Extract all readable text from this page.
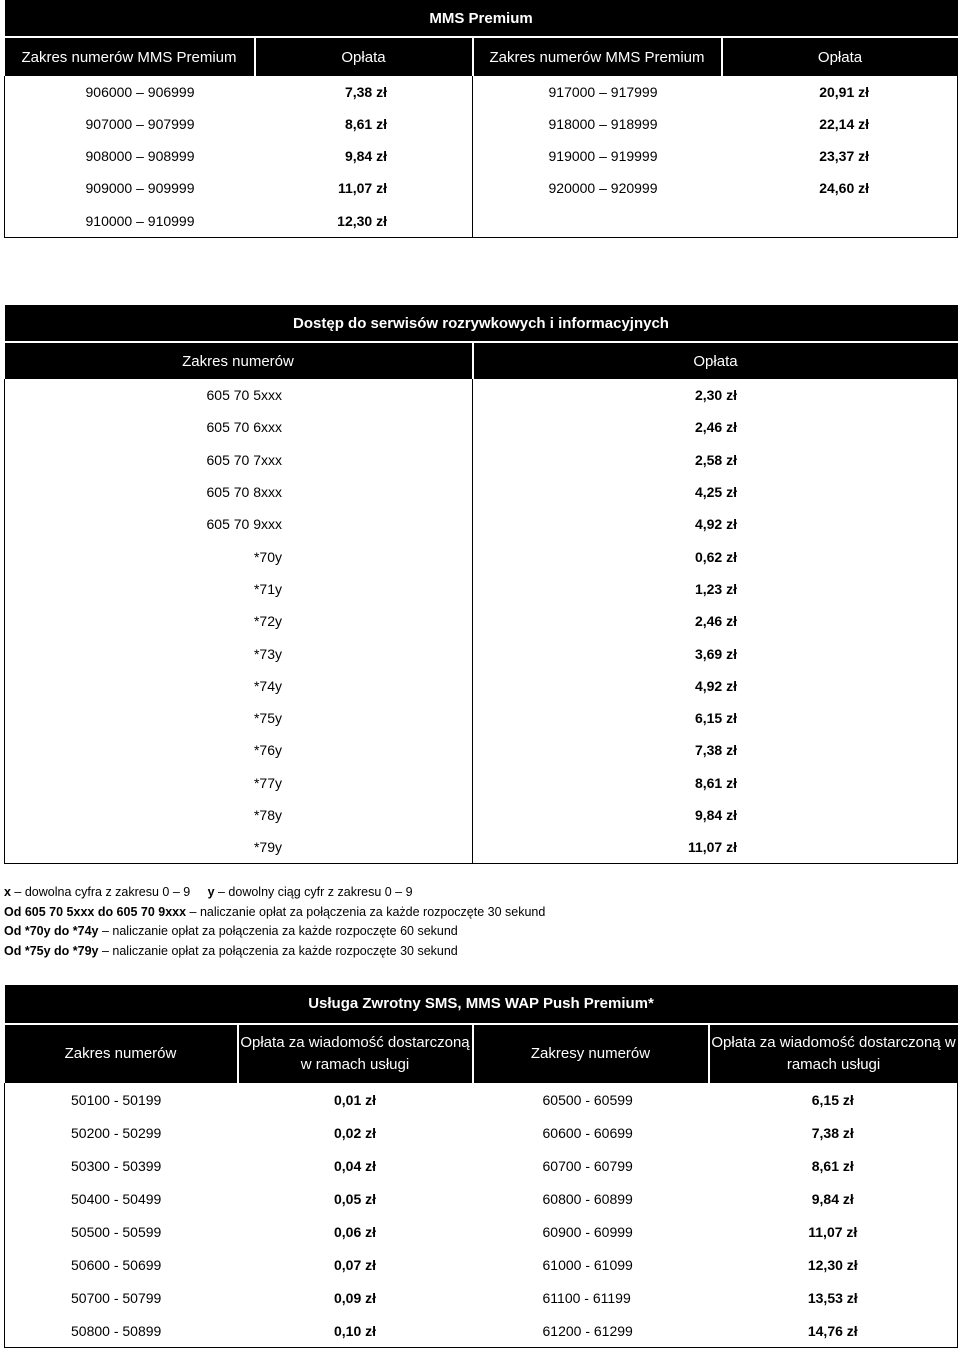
MMS Premium			
Zakres numerów MMS Premium	Opłata	Zakres numerów MMS Premium	Opłata
906000 – 906999	7,38 zł	917000 – 917999	20,91 zł
907000 – 907999	8,61 zł	918000 – 918999	22,14 zł
908000 – 908999	9,84 zł	919000 – 919999	23,37 zł
909000 – 909999	11,07 zł	920000 – 920999	24,60 zł
910000 – 910999	12,30 zł		
Dostęp do serwisów rozrywkowych i informacyjnych	
Zakres numerów	Opłata
605 70 5xxx	2,30 zł
605 70 6xxx	2,46 zł
605 70 7xxx	2,58 zł
605 70 8xxx	4,25 zł
605 70 9xxx	4,92 zł
*70y	0,62 zł
*71y	1,23 zł
*72y	2,46 zł
*73y	3,69 zł
*74y	4,92 zł
*75y	6,15 zł
*76y	7,38 zł
*77y	8,61 zł
*78y	9,84 zł
*79y	11,07 zł
x – dowolna cyfra z zakresu 0 – 9     y – dowolny ciąg cyfr z zakresu 0 – 9
Od 605 70 5xxx do 605 70 9xxx – naliczanie opłat za połączenia za każde rozpoczęte 30 sekund
Od *70y do *74y – naliczanie opłat za połączenia za każde rozpoczęte 60 sekund
Od *75y do *79y – naliczanie opłat za połączenia za każde rozpoczęte 30 sekund
Usługa Zwrotny SMS, MMS WAP Push Premium*			
Zakres numerów	Opłata za wiadomość dostarczoną w ramach usługi	Zakresy numerów	Opłata za wiadomość dostarczoną w ramach usługi
50100 - 50199	0,01 zł	60500 - 60599	6,15 zł
50200 - 50299	0,02 zł	60600 - 60699	7,38 zł
50300 - 50399	0,04 zł	60700 - 60799	8,61 zł
50400 - 50499	0,05 zł	60800 - 60899	9,84 zł
50500 - 50599	0,06 zł	60900 - 60999	11,07 zł
50600 - 50699	0,07 zł	61000 - 61099	12,30 zł
50700 - 50799	0,09 zł	61100 - 61199	13,53 zł
50800 - 50899	0,10 zł	61200 - 61299	14,76 zł
